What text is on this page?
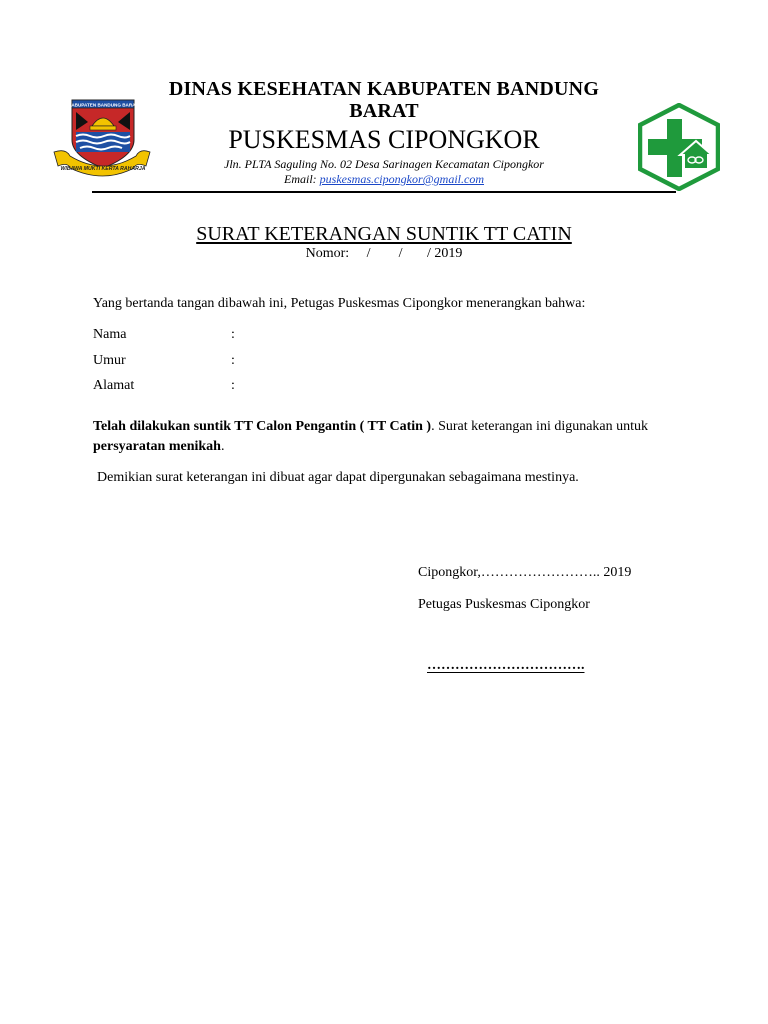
KABUPATEN BANDUNG BARAT
WIBAWA MUKTI KERTA RAHARJA
DINAS KESEHATAN KABUPATEN BANDUNG
BARAT
PUSKESMAS CIPONGKOR
Jln. PLTA Saguling No. 02 Desa Sarinagen Kecamatan Cipongkor
Email: puskesmas.cipongkor@gmail.com
SURAT KETERANGAN SUNTIK TT CATIN
Nomor:     /        /       / 2019
Yang bertanda tangan dibawah ini, Petugas Puskesmas Cipongkor menerangkan bahwa:
Nama	:
Umur	:
Alamat	:
Telah dilakukan suntik TT Calon Pengantin ( TT Catin ). Surat keterangan ini digunakan untuk persyaratan menikah.
Demikian surat keterangan ini dibuat agar dapat dipergunakan sebagaimana mestinya.
Cipongkor,…………………….. 2019
Petugas Puskesmas Cipongkor
…………………………….
